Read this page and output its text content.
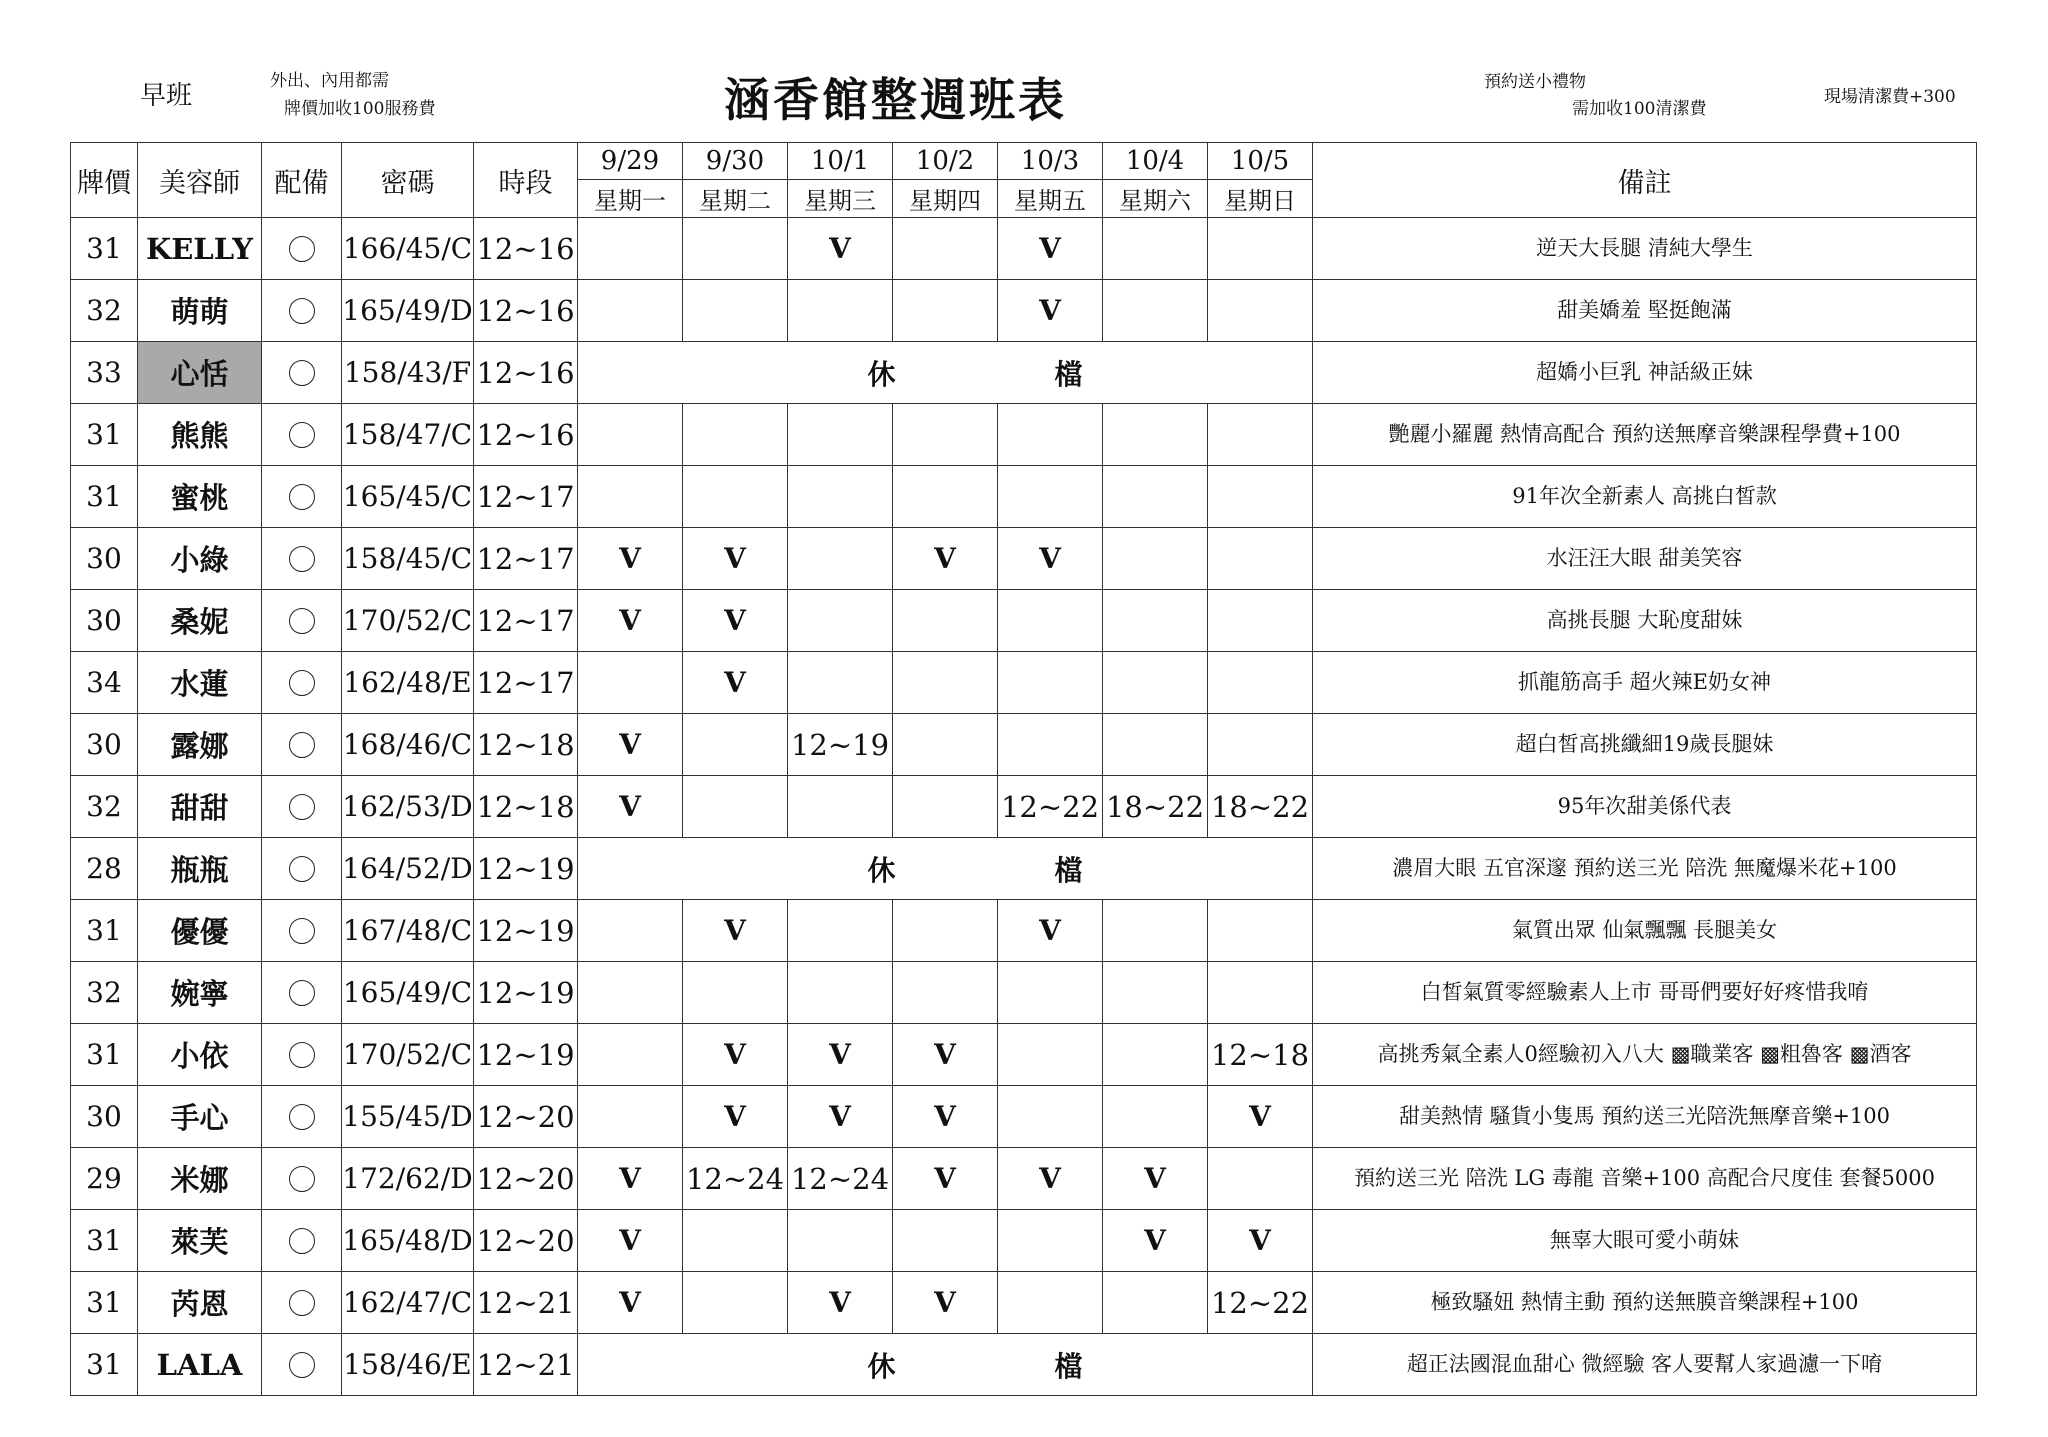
早班	外出、內用都需
牌價加收100服務費	涵香館整週班表	預約送小禮物
需加收100清潔費
現場清潔費+300
牌價	美容師	配備	密碼	時段	9/29	9/30	10/1	10/2	10/3	10/4	10/5	備註
					星期一	星期二	星期三	星期四	星期五	星期六	星期日	
31	KELLY		166/45/C	12~16			V		V			逆天大長腿 清純大學生
32	萌萌		165/49/D	12~16					V			甜美嬌羞 堅挺飽滿
33	心恬		158/43/F	12~16	休 檔							超嬌小巨乳 神話級正妹
31	熊熊		158/47/C	12~16								艷麗小羅麗 熱情高配合 預約送無摩音樂課程學費+100
31	蜜桃		165/45/C	12~17								91年次全新素人 高挑白皙款
30	小綠		158/45/C	12~17	V	V		V	V			水汪汪大眼 甜美笑容
30	桑妮		170/52/C	12~17	V	V						高挑長腿 大恥度甜妹
34	水蓮		162/48/E	12~17		V						抓龍筋高手 超火辣E奶女神
30	露娜		168/46/C	12~18	V		12~19					超白皙高挑纖細19歲長腿妹
32	甜甜		162/53/D	12~18	V				12~22	18~22	18~22	95年次甜美係代表
28	瓶瓶		164/52/D	12~19	休 檔							濃眉大眼 五官深邃 預約送三光 陪洗 無魔爆米花+100
31	優優		167/48/C	12~19		V			V			氣質出眾 仙氣飄飄 長腿美女
32	婉寧		165/49/C	12~19								白皙氣質零經驗素人上市 哥哥們要好好疼惜我唷
31	小依		170/52/C	12~19		V	V	V			12~18	高挑秀氣全素人0經驗初入八大 ▩職業客 ▩粗魯客 ▩酒客
30	手心		155/45/D	12~20		V	V	V			V	甜美熱情 騷貨小隻馬 預約送三光陪洗無摩音樂+100
29	米娜		172/62/D	12~20	V	12~24	12~24	V	V	V		預約送三光 陪洗 LG 毒龍 音樂+100 高配合尺度佳 套餐5000
31	萊芙		165/48/D	12~20	V					V	V	無辜大眼可愛小萌妹
31	芮恩		162/47/C	12~21	V		V	V			12~22	極致騷妞 熱情主動 預約送無膜音樂課程+100
31	LALA		158/46/E	12~21	休 檔							超正法國混血甜心 微經驗 客人要幫人家過濾一下唷
